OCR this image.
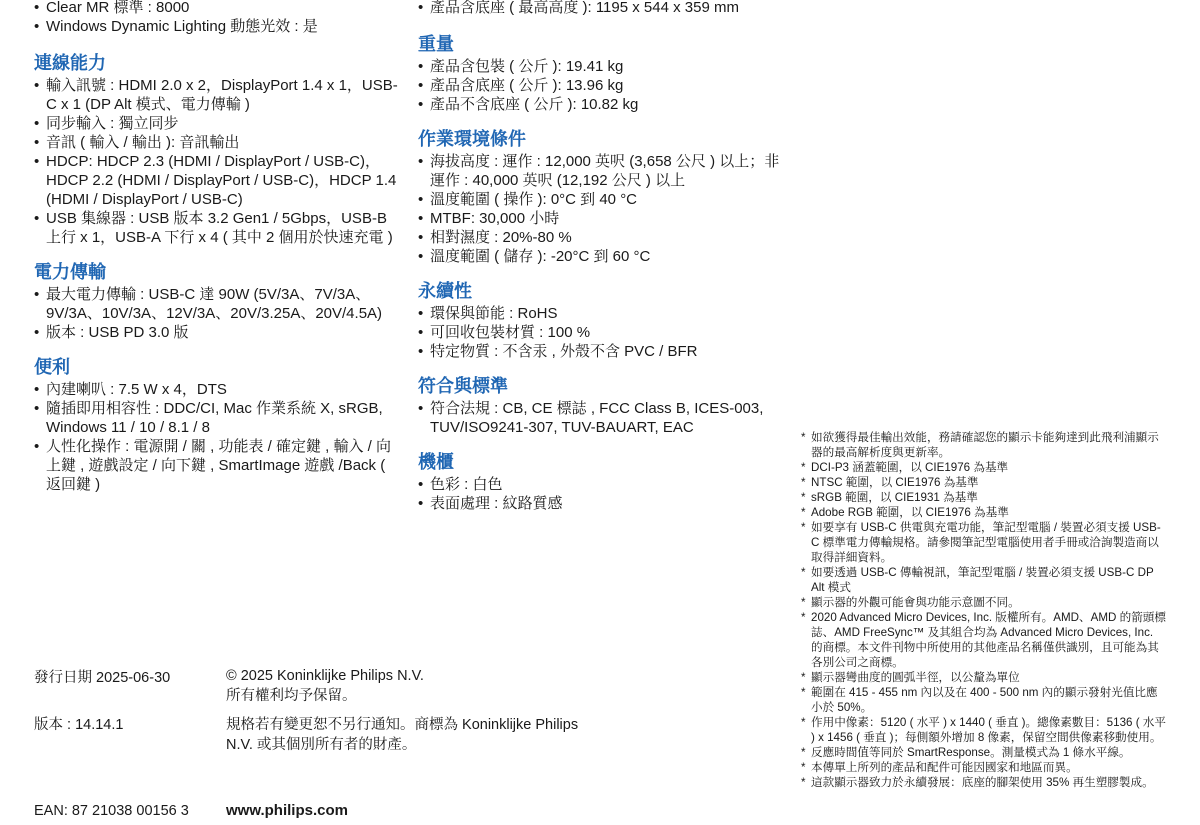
• Clear MR 標準 : 8000
• Windows Dynamic Lighting 動態光效 : 是
連線能力
• 輸入訊號 : HDMI 2.0 x 2，DisplayPort 1.4 x 1，USB-C x 1 (DP Alt 模式、電力傳輸 )
• 同步輸入 : 獨立同步
• 音訊 ( 輸入 / 輸出 ): 音訊輸出
• HDCP: HDCP 2.3 (HDMI / DisplayPort / USB-C)，HDCP 2.2 (HDMI / DisplayPort / USB-C)，HDCP 1.4 (HDMI / DisplayPort / USB-C)
• USB 集線器 : USB 版本 3.2 Gen1 / 5Gbps，USB-B 上行 x 1，USB-A 下行 x 4 ( 其中 2 個用於快速充電 )
電力傳輸
• 最大電力傳輸 : USB-C 達 90W (5V/3A、7V/3A、9V/3A、10V/3A、12V/3A、20V/3.25A、20V/4.5A)
• 版本 : USB PD 3.0 版
便利
• 內建喇叭 : 7.5 W x 4，DTS
• 隨插即用相容性 : DDC/CI, Mac 作業系統 X, sRGB, Windows 11 / 10 / 8.1 / 8
• 人性化操作 : 電源開 / 關 , 功能表 / 確定鍵 , 輸入 / 向上鍵 , 遊戲設定 / 向下鍵 , SmartImage 遊戲 /Back ( 返回鍵 )
• 產品含底座 ( 最高高度 ): 1195 x 544 x 359 mm
重量
• 產品含包裝 ( 公斤 ): 19.41 kg
• 產品含底座 ( 公斤 ): 13.96 kg
• 產品不含底座 ( 公斤 ): 10.82 kg
作業環境條件
• 海拔高度 : 運作 : 12,000 英呎 (3,658 公尺 ) 以上；非運作 : 40,000 英呎 (12,192 公尺 ) 以上
• 溫度範圍 ( 操作 ): 0°C 到 40 °C
• MTBF: 30,000 小時
• 相對濕度 : 20%-80 %
• 溫度範圍 ( 儲存 ): -20°C 到 60 °C
永續性
• 環保與節能 : RoHS
• 可回收包裝材質 : 100 %
• 特定物質 : 不含汞 , 外殼不含 PVC / BFR
符合與標準
• 符合法規 : CB, CE 標誌 , FCC Class B, ICES-003, TUV/ISO9241-307, TUV-BAUART, EAC
機櫃
• 色彩 : 白色
• 表面處理 : 紋路質感
* 如欲獲得最佳輸出效能，務請確認您的顯示卡能夠達到此飛利浦顯示器的最高解析度與更新率。
* DCI-P3 涵蓋範圍，以 CIE1976 為基準
* NTSC 範圍，以 CIE1976 為基準
* sRGB 範圍，以 CIE1931 為基準
* Adobe RGB 範圍，以 CIE1976 為基準
* 如要享有 USB-C 供電與充電功能，筆記型電腦 / 裝置必須支援 USB-C 標準電力傳輸規格。請參閱筆記型電腦使用者手冊或洽詢製造商以取得詳細資料。
* 如要透過 USB-C 傳輸視訊，筆記型電腦 / 裝置必須支援 USB-C DP Alt 模式
* 顯示器的外觀可能會與功能示意圖不同。
* 2020 Advanced Micro Devices, Inc. 版權所有。AMD、AMD 的箭頭標誌、AMD FreeSync™ 及其組合均為 Advanced Micro Devices, Inc. 的商標。本文件刊物中所使用的其他產品名稱僅供識別，且可能為其各別公司之商標。
* 顯示器彎曲度的圓弧半徑，以公釐為單位
* 範圍在 415 - 455 nm 內以及在 400 - 500 nm 內的顯示發射光值比應小於 50%。
* 作用中像素：5120 ( 水平 ) x 1440 ( 垂直 )。總像素數目：5136 ( 水平 ) x 1456 ( 垂直 )；每側額外增加 8 像素，保留空間供像素移動使用。
* 反應時間值等同於 SmartResponse。測量模式為 1 條水平線。
* 本傳單上所列的產品和配件可能因國家和地區而異。
* 這款顯示器致力於永續發展：底座的腳架使用 35% 再生塑膠製成。
發行日期 2025-06-30	© 2025 Koninklijke Philips N.V.
所有權利均予保留。
版本 : 14.14.1	規格若有變更恕不另行通知。商標為 Koninklijke Philips N.V. 或其個別所有者的財產。
EAN: 87 21038 00156 3 www.philips.com
